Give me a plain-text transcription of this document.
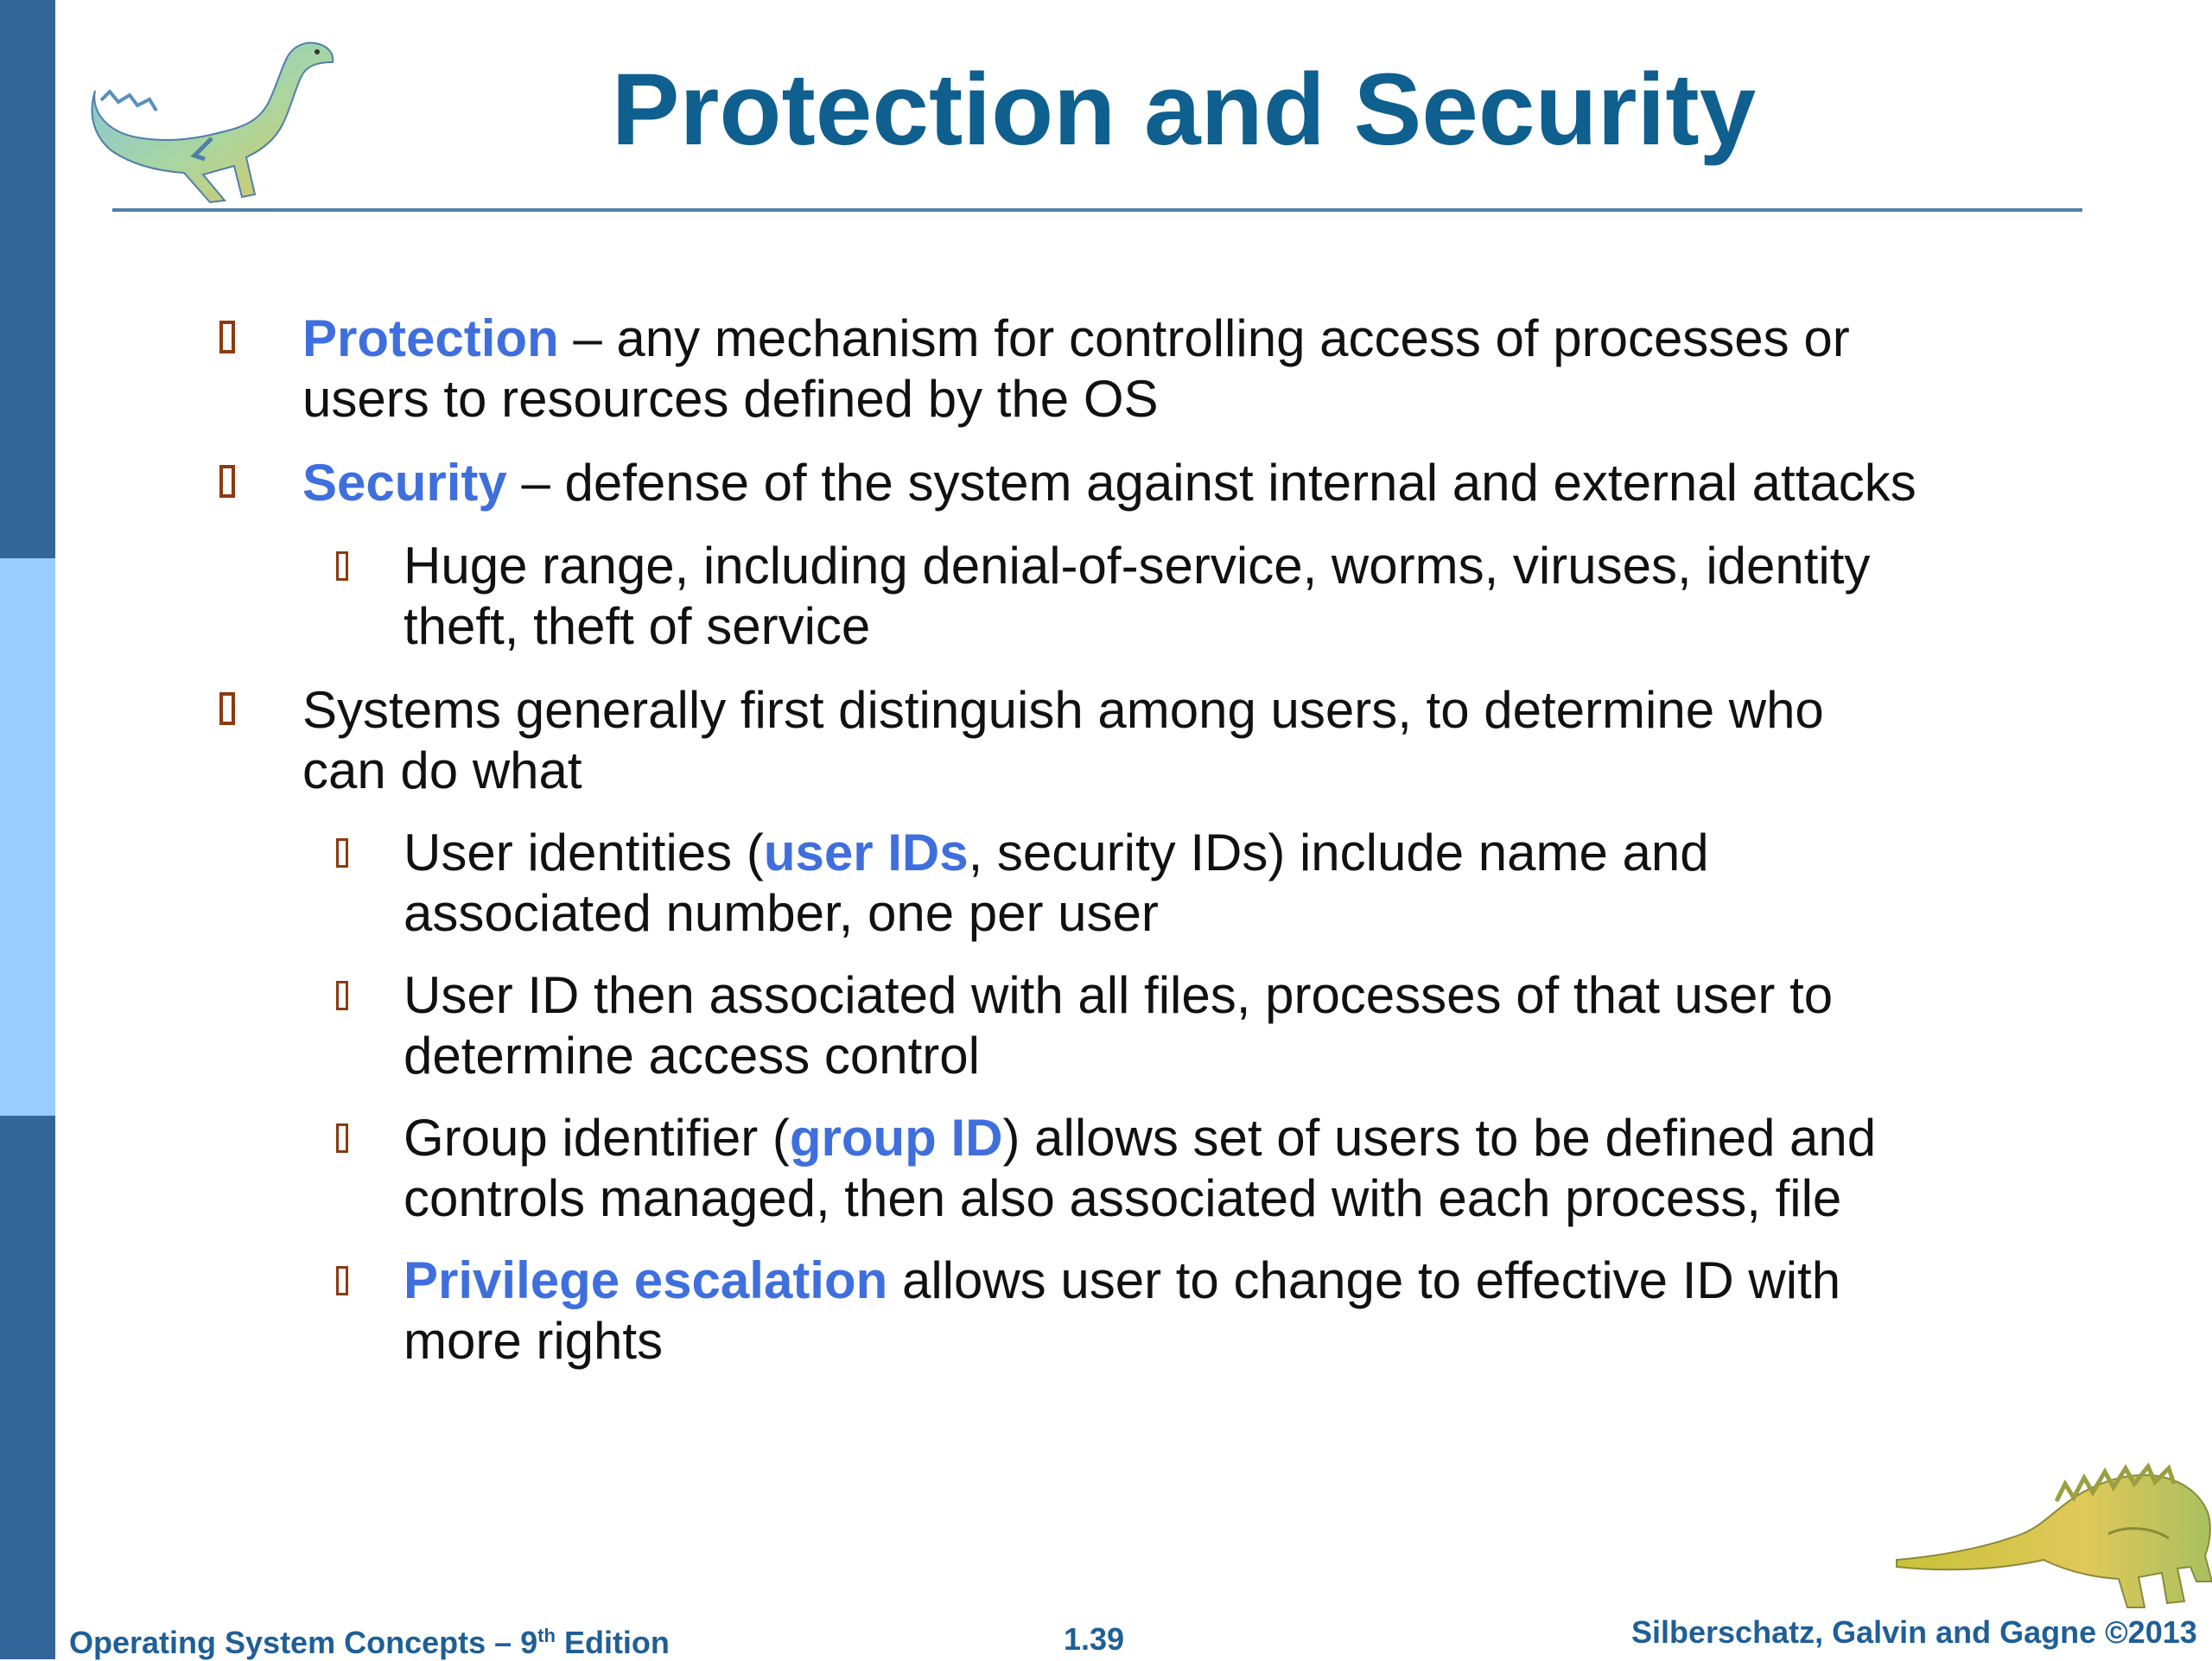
Protection and Security
Protection – any mechanism for controlling access of processes or
users to resources defined by the OS
Security – defense of the system against internal and external attacks
Huge range, including denial-of-service, worms, viruses, identity
theft, theft of service
Systems generally first distinguish among users, to determine who
can do what
User identities (user IDs, security IDs) include name and
associated number, one per user
User ID then associated with all files, processes of that user to
determine access control
Group identifier (group ID) allows set of users to be defined and
controls managed, then also associated with each process, file
Privilege escalation allows user to change to effective ID with
more rights
Operating System Concepts – 9th Edition	1.39	Silberschatz, Galvin and Gagne ©2013
